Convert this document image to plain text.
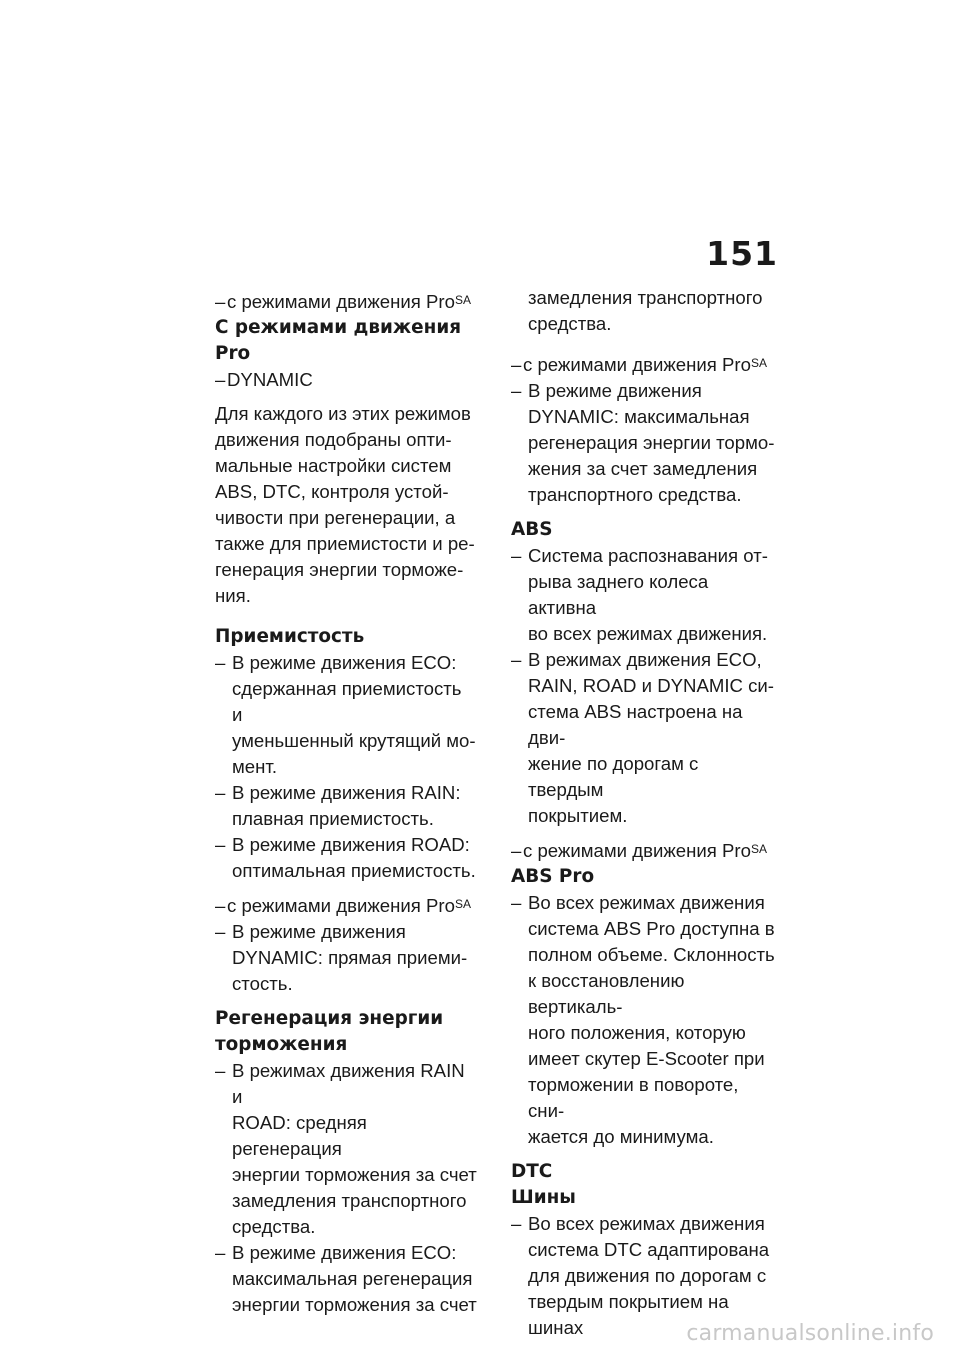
151
– с режимами движения Pro$^{SA}$
С режимами движения Pro
– DYNAMIC
Для каждого из этих режимов
движения подобраны опти-
мальные настройки систем
ABS, DTC, контроля устой-
чивости при регенерации, а
также для приемистости и ре-
генерация энергии торможе-
ния.
Приемистость
– В режиме движения ECO:
сдержанная приемистость и
уменьшенный крутящий мо-
мент.
– В режиме движения RAIN:
плавная приемистость.
– В режиме движения ROAD:
оптимальная приемистость.
– с режимами движения Pro$^{SA}$
– В режиме движения
DYNAMIC: прямая приеми-
стость.
Регенерация энергии
торможения
– В режимах движения RAIN и
ROAD: средняя регенерация
энергии торможения за счет
замедления транспортного
средства.
– В режиме движения ECO:
максимальная регенерация
энергии торможения за счет
замедления транспортного
средства.
– с режимами движения Pro$^{SA}$
– В режиме движения
DYNAMIC: максимальная
регенерация энергии тормо-
жения за счет замедления
транспортного средства.
ABS
– Система распознавания от-
рыва заднего колеса активна
во всех режимах движения.
– В режимах движения ECO,
RAIN, ROAD и DYNAMIC си-
стема ABS настроена на дви-
жение по дорогам с твердым
покрытием.
– с режимами движения Pro$^{SA}$
ABS Pro
– Во всех режимах движения
система ABS Pro доступна в
полном объеме. Склонность
к восстановлению вертикаль-
ного положения, которую
имеет скутер E-Scooter при
торможении в повороте, сни-
жается до минимума.
DTC
Шины
– Во всех режимах движения
система DTC адаптирована
для движения по дорогам с
твердым покрытием на шинах	carmanualsonline.info
